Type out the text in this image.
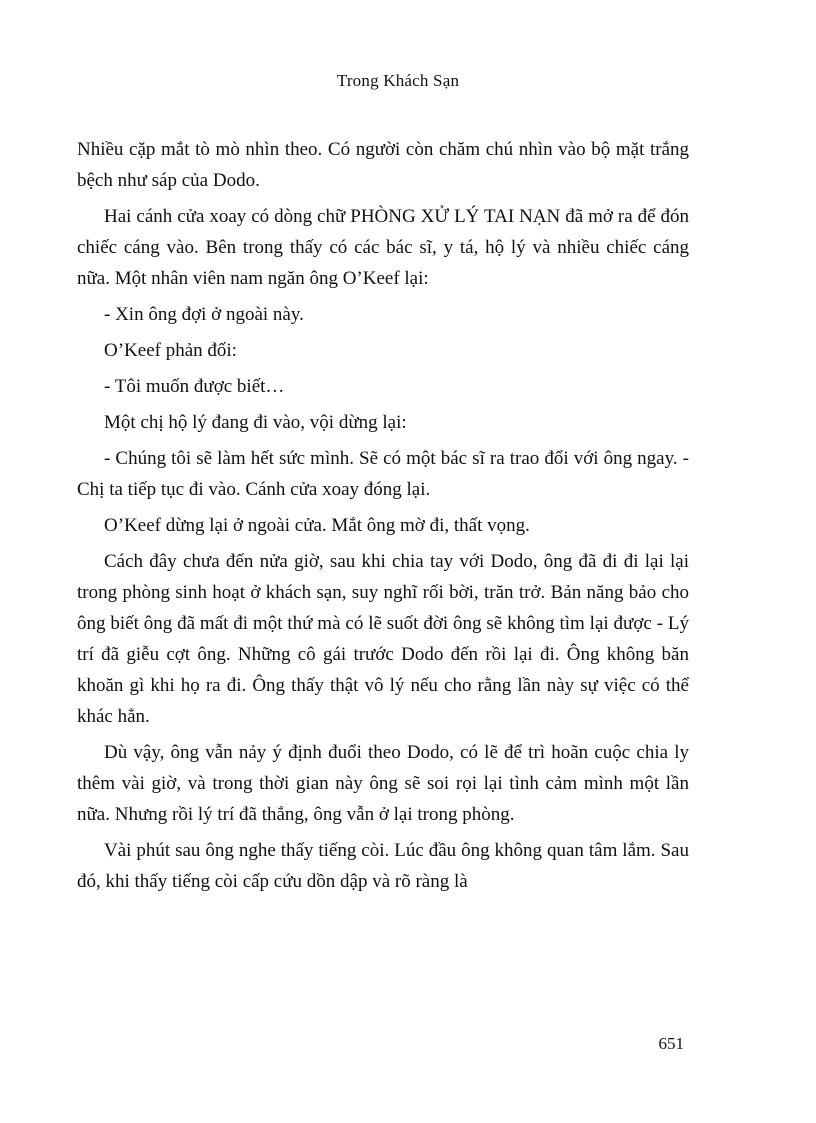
Trong Khách Sạn

Nhiều cặp mắt tò mò nhìn theo. Có người còn chăm chú nhìn vào bộ mặt trắng bệch như sáp của Dodo.

Hai cánh cửa xoay có dòng chữ PHÒNG XỬ LÝ TAI NẠN đã mở ra để đón chiếc cáng vào. Bên trong thấy có các bác sĩ, y tá, hộ lý và nhiều chiếc cáng nữa. Một nhân viên nam ngăn ông O’Keef lại:

- Xin ông đợi ở ngoài này.

O’Keef phản đối:

- Tôi muốn được biết…

Một chị hộ lý đang đi vào, vội dừng lại:

- Chúng tôi sẽ làm hết sức mình. Sẽ có một bác sĩ ra trao đổi với ông ngay. - Chị ta tiếp tục đi vào. Cánh cửa xoay đóng lại.

O’Keef dừng lại ở ngoài cửa. Mắt ông mờ đi, thất vọng.

Cách đây chưa đến nửa giờ, sau khi chia tay với Dodo, ông đã đi đi lại lại trong phòng sinh hoạt ở khách sạn, suy nghĩ rối bời, trăn trở. Bản năng bảo cho ông biết ông đã mất đi một thứ mà có lẽ suốt đời ông sẽ không tìm lại được - Lý trí đã giễu cợt ông. Những cô gái trước Dodo đến rồi lại đi. Ông không băn khoăn gì khi họ ra đi. Ông thấy thật vô lý nếu cho rằng lần này sự việc có thể khác hẳn.

Dù vậy, ông vẫn nảy ý định đuổi theo Dodo, có lẽ để trì hoãn cuộc chia ly thêm vài giờ, và trong thời gian này ông sẽ soi rọi lại tình cảm mình một lần nữa. Nhưng rồi lý trí đã thắng, ông vẫn ở lại trong phòng.

Vài phút sau ông nghe thấy tiếng còi. Lúc đầu ông không quan tâm lắm. Sau đó, khi thấy tiếng còi cấp cứu dồn dập và rõ ràng là

651
